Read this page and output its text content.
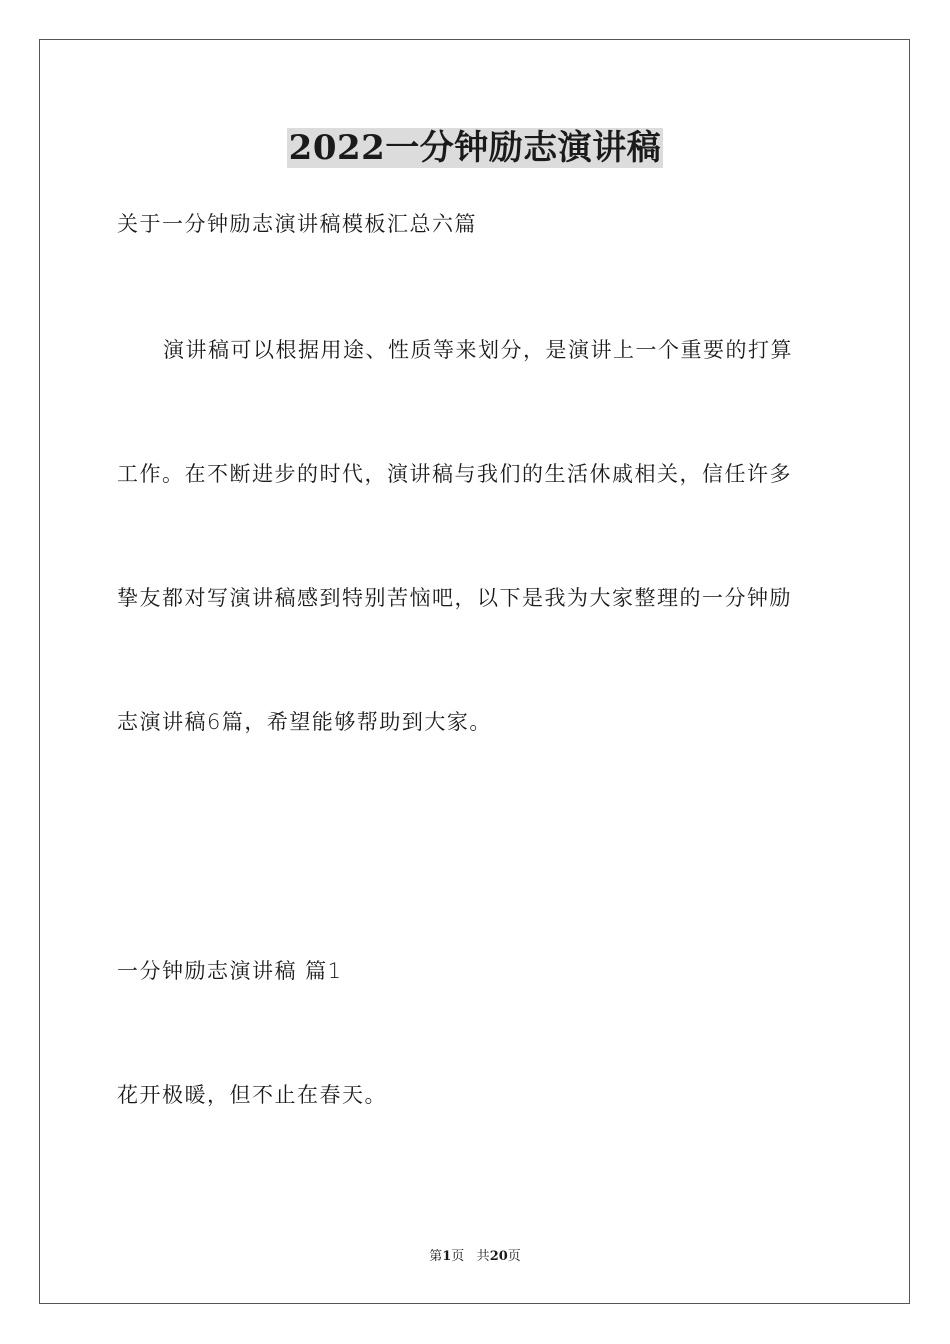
2022一分钟励志演讲稿
关于一分钟励志演讲稿模板汇总六篇
演讲稿可以根据用途、性质等来划分，是演讲上一个重要的打算
工作。在不断进步的时代，演讲稿与我们的生活休戚相关，信任许多
挚友都对写演讲稿感到特别苦恼吧，以下是我为大家整理的一分钟励
志演讲稿6篇，希望能够帮助到大家。
一分钟励志演讲稿 篇1
花开极暖，但不止在春天。
第1页 共20页
